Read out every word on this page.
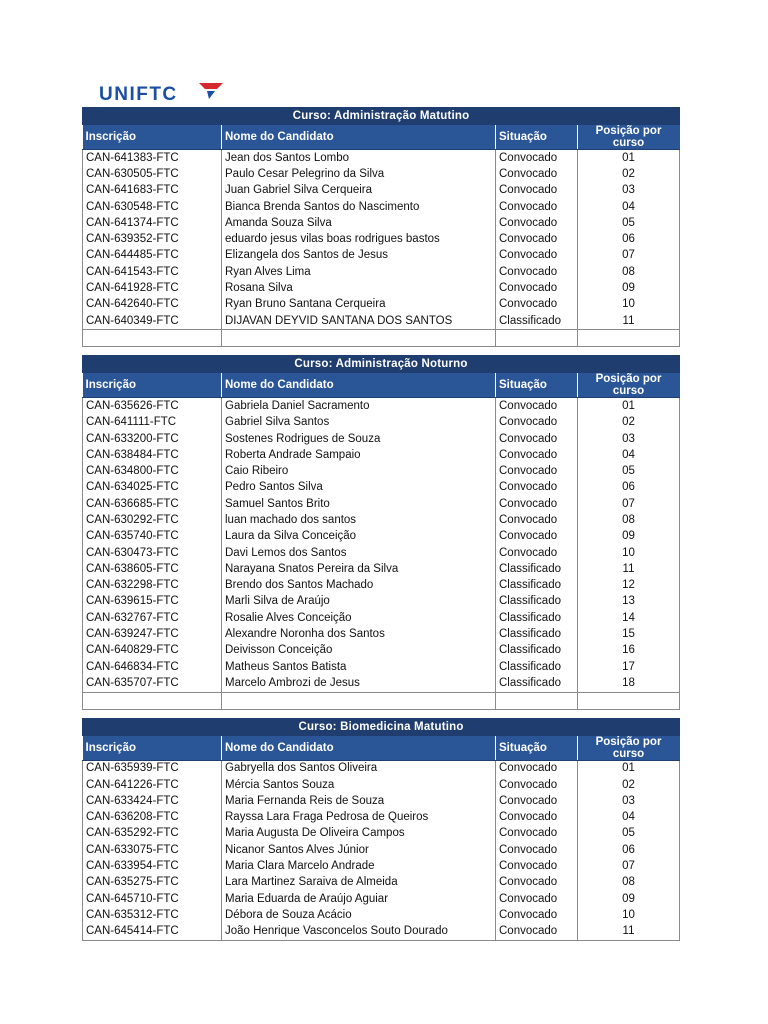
UNIFTC
Curso: Administração Matutino			
Inscrição	Nome do Candidato	Situação	Posição por curso
CAN-641383-FTC	Jean dos Santos Lombo	Convocado	01
CAN-630505-FTC	Paulo Cesar Pelegrino da Silva	Convocado	02
CAN-641683-FTC	Juan Gabriel Silva Cerqueira	Convocado	03
CAN-630548-FTC	Bianca Brenda Santos do Nascimento	Convocado	04
CAN-641374-FTC	Amanda Souza Silva	Convocado	05
CAN-639352-FTC	eduardo jesus vilas boas rodrigues bastos	Convocado	06
CAN-644485-FTC	Elizangela dos Santos de Jesus	Convocado	07
CAN-641543-FTC	Ryan Alves Lima	Convocado	08
CAN-641928-FTC	Rosana Silva	Convocado	09
CAN-642640-FTC	Ryan Bruno Santana Cerqueira	Convocado	10
CAN-640349-FTC	DIJAVAN DEYVID SANTANA DOS SANTOS	Classificado	11

Curso: Administração Noturno			
Inscrição	Nome do Candidato	Situação	Posição por curso
CAN-635626-FTC	Gabriela Daniel Sacramento	Convocado	01
CAN-641111-FTC	Gabriel Silva Santos	Convocado	02
CAN-633200-FTC	Sostenes Rodrigues de Souza	Convocado	03
CAN-638484-FTC	Roberta Andrade Sampaio	Convocado	04
CAN-634800-FTC	Caio Ribeiro	Convocado	05
CAN-634025-FTC	Pedro Santos Silva	Convocado	06
CAN-636685-FTC	Samuel Santos Brito	Convocado	07
CAN-630292-FTC	luan machado dos santos	Convocado	08
CAN-635740-FTC	Laura da Silva Conceição	Convocado	09
CAN-630473-FTC	Davi Lemos dos Santos	Convocado	10
CAN-638605-FTC	Narayana Snatos Pereira da Silva	Classificado	11
CAN-632298-FTC	Brendo dos Santos Machado	Classificado	12
CAN-639615-FTC	Marli Silva de Araújo	Classificado	13
CAN-632767-FTC	Rosalie Alves Conceição	Classificado	14
CAN-639247-FTC	Alexandre Noronha dos Santos	Classificado	15
CAN-640829-FTC	Deivisson Conceição	Classificado	16
CAN-646834-FTC	Matheus Santos Batista	Classificado	17
CAN-635707-FTC	Marcelo Ambrozi de Jesus	Classificado	18

Curso: Biomedicina Matutino			
Inscrição	Nome do Candidato	Situação	Posição por curso
CAN-635939-FTC	Gabryella dos Santos Oliveira	Convocado	01
CAN-641226-FTC	Mércia Santos Souza	Convocado	02
CAN-633424-FTC	Maria Fernanda Reis de Souza	Convocado	03
CAN-636208-FTC	Rayssa Lara Fraga Pedrosa de Queiros	Convocado	04
CAN-635292-FTC	Maria Augusta De Oliveira Campos	Convocado	05
CAN-633075-FTC	Nicanor Santos Alves Júnior	Convocado	06
CAN-633954-FTC	Maria Clara Marcelo Andrade	Convocado	07
CAN-635275-FTC	Lara Martinez Saraiva de Almeida	Convocado	08
CAN-645710-FTC	Maria Eduarda de Araújo Aguiar	Convocado	09
CAN-635312-FTC	Débora de Souza Acácio	Convocado	10
CAN-645414-FTC	João Henrique Vasconcelos Souto Dourado	Convocado	11
